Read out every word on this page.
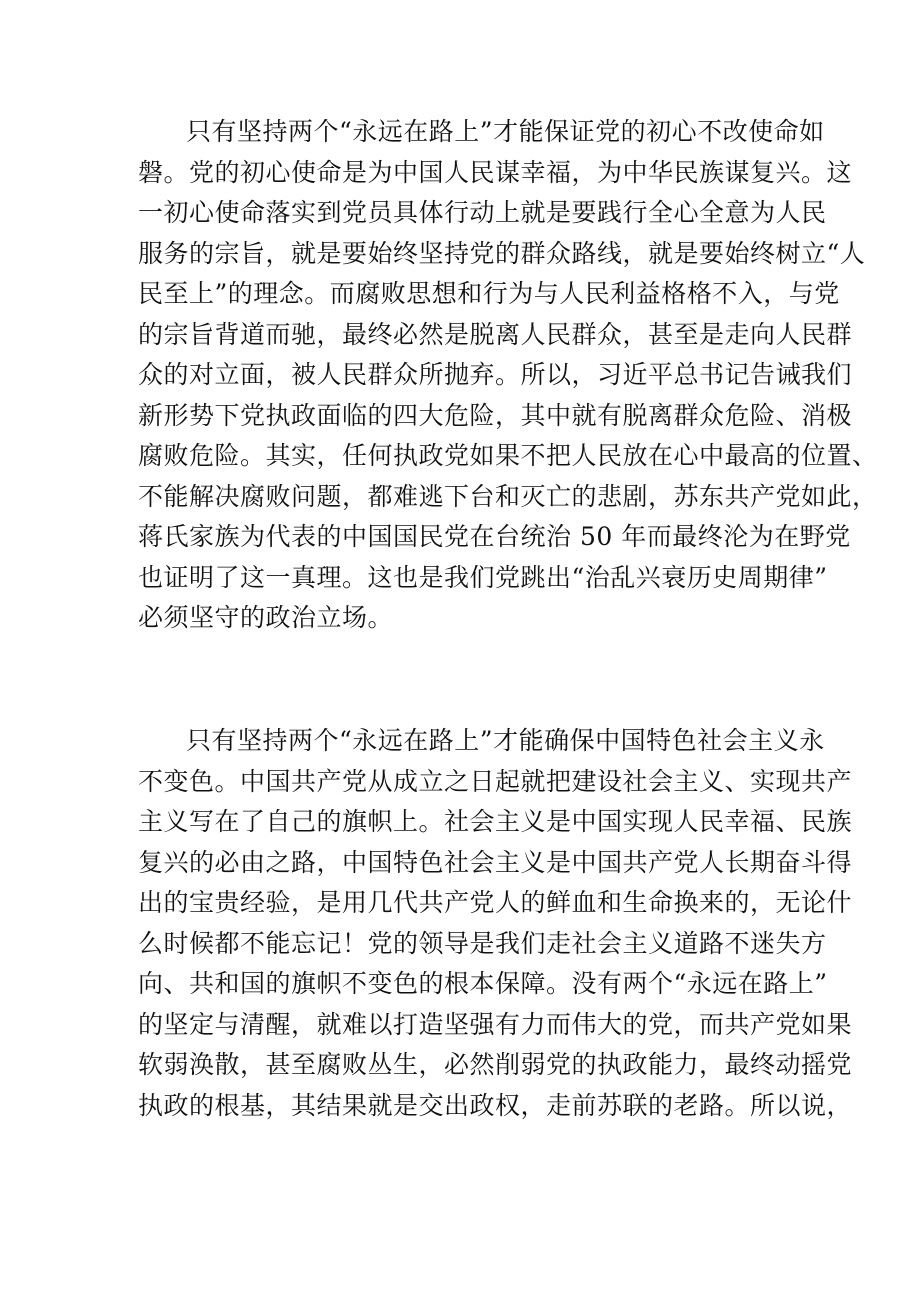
只有坚持两个“永远在路上”才能保证党的初心不改使命如
磐。党的初心使命是为中国人民谋幸福，为中华民族谋复兴。这
一初心使命落实到党员具体行动上就是要践行全心全意为人民
服务的宗旨，就是要始终坚持党的群众路线，就是要始终树立“人
民至上”的理念。而腐败思想和行为与人民利益格格不入，与党
的宗旨背道而驰，最终必然是脱离人民群众，甚至是走向人民群
众的对立面，被人民群众所抛弃。所以，习近平总书记告诫我们
新形势下党执政面临的四大危险，其中就有脱离群众危险、消极
腐败危险。其实，任何执政党如果不把人民放在心中最高的位置、
不能解决腐败问题，都难逃下台和灭亡的悲剧，苏东共产党如此，
蒋氏家族为代表的中国国民党在台统治 50 年而最终沦为在野党
也证明了这一真理。这也是我们党跳出“治乱兴衰历史周期律”
必须坚守的政治立场。
只有坚持两个“永远在路上”才能确保中国特色社会主义永
不变色。中国共产党从成立之日起就把建设社会主义、实现共产
主义写在了自己的旗帜上。社会主义是中国实现人民幸福、民族
复兴的必由之路，中国特色社会主义是中国共产党人长期奋斗得
出的宝贵经验，是用几代共产党人的鲜血和生命换来的，无论什
么时候都不能忘记！党的领导是我们走社会主义道路不迷失方
向、共和国的旗帜不变色的根本保障。没有两个“永远在路上”
的坚定与清醒，就难以打造坚强有力而伟大的党，而共产党如果
软弱涣散，甚至腐败丛生，必然削弱党的执政能力，最终动摇党
执政的根基，其结果就是交出政权，走前苏联的老路。所以说，
